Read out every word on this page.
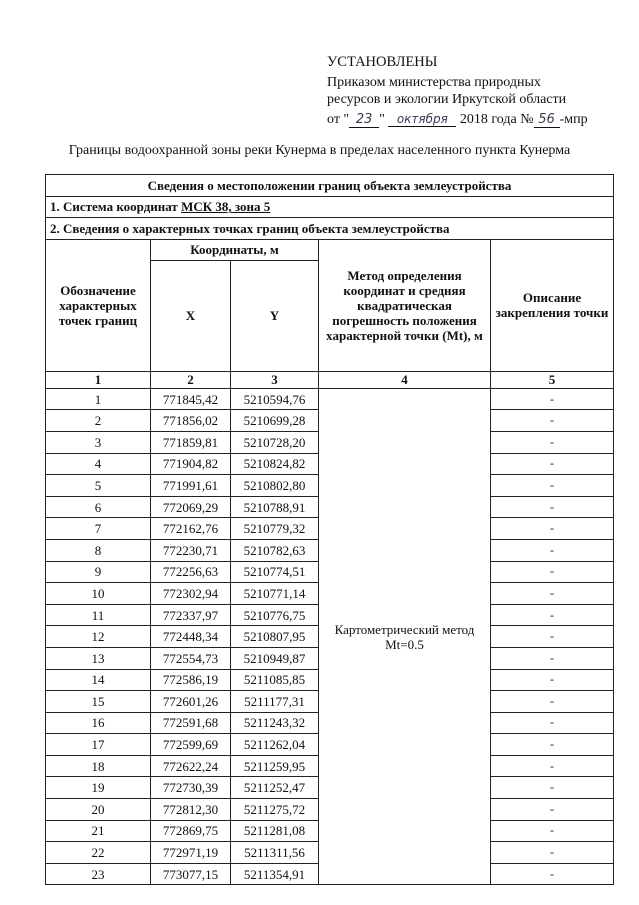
УСТАНОВЛЕНЫ
Приказом министерства природных
ресурсов и экологии Иркутской области
от " 23 " октября 2018 года № 56 -мпр
Границы водоохранной зоны реки Кунерма в пределах населенного пункта Кунерма
Сведения о местоположении границ объекта землеустройства				
1. Система координат МСК 38, зона 5				
2. Сведения о характерных точках границ объекта землеустройства				
Обозначение характерных точек границ	Координаты, м		Метод определения координат и средняя квадратическая погрешность положения характерной точки (Mt), м	Описание закрепления точки
	X	Y		
1	2	3	4	5
1	771845,42	5210594,76	Картометрический метод Mt=0.5	-
2	771856,02	5210699,28		-
3	771859,81	5210728,20		-
4	771904,82	5210824,82		-
5	771991,61	5210802,80		-
6	772069,29	5210788,91		-
7	772162,76	5210779,32		-
8	772230,71	5210782,63		-
9	772256,63	5210774,51		-
10	772302,94	5210771,14		-
11	772337,97	5210776,75		-
12	772448,34	5210807,95		-
13	772554,73	5210949,87		-
14	772586,19	5211085,85		-
15	772601,26	5211177,31		-
16	772591,68	5211243,32		-
17	772599,69	5211262,04		-
18	772622,24	5211259,95		-
19	772730,39	5211252,47		-
20	772812,30	5211275,72		-
21	772869,75	5211281,08		-
22	772971,19	5211311,56		-
23	773077,15	5211354,91		-
